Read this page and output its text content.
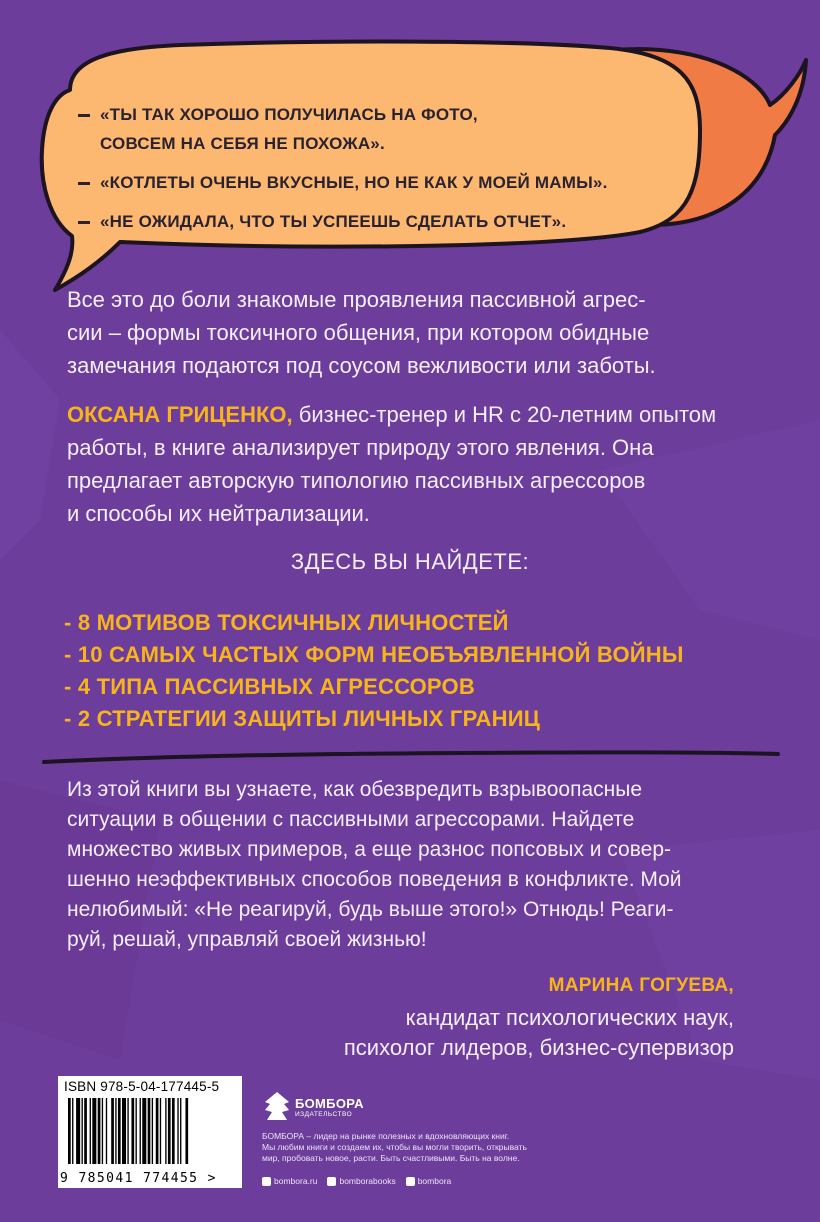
«ТЫ ТАК ХОРОШО ПОЛУЧИЛАСЬ НА ФОТО,
СОВСЕМ НА СЕБЯ НЕ ПОХОЖА».
«КОТЛЕТЫ ОЧЕНЬ ВКУСНЫЕ, НО НЕ КАК У МОЕЙ МАМЫ».
«НЕ ОЖИДАЛА, ЧТО ТЫ УСПЕЕШЬ СДЕЛАТЬ ОТЧЕТ».
Все это до боли знакомые проявления пассивной агрес-
сии – формы токсичного общения, при котором обидные
замечания подаются под соусом вежливости или заботы.
ОКСАНА ГРИЦЕНКО, бизнес-тренер и HR с 20-летним опытом
работы, в книге анализирует природу этого явления. Она
предлагает авторскую типологию пассивных агрессоров
и способы их нейтрализации.
ЗДЕСЬ ВЫ НАЙДЕТЕ:
- 8 МОТИВОВ ТОКСИЧНЫХ ЛИЧНОСТЕЙ
- 10 САМЫХ ЧАСТЫХ ФОРМ НЕОБЪЯВЛЕННОЙ ВОЙНЫ
- 4 ТИПА ПАССИВНЫХ АГРЕССОРОВ
- 2 СТРАТЕГИИ ЗАЩИТЫ ЛИЧНЫХ ГРАНИЦ
Из этой книги вы узнаете, как обезвредить взрывоопасные
ситуации в общении с пассивными агрессорами. Найдете
множество живых примеров, а еще разнос попсовых и совер-
шенно неэффективных способов поведения в конфликте. Мой
нелюбимый: «Не реагируй, будь выше этого!» Отнюдь! Реаги-
руй, решай, управляй своей жизнью!
МАРИНА ГОГУЕВА,
кандидат психологических наук,
психолог лидеров, бизнес-супервизор
ISBN 978-5-04-177445-5
9 785041 774455 >
БОМБОРА
ИЗДАТЕЛЬСТВО
БОМБОРА – лидер на рынке полезных и вдохновляющих книг.
Мы любим книги и создаем их, чтобы вы могли творить, открывать
мир, пробовать новое, расти. Быть счастливыми. Быть на волне.
bombora.ru	bomborabooks	bombora
